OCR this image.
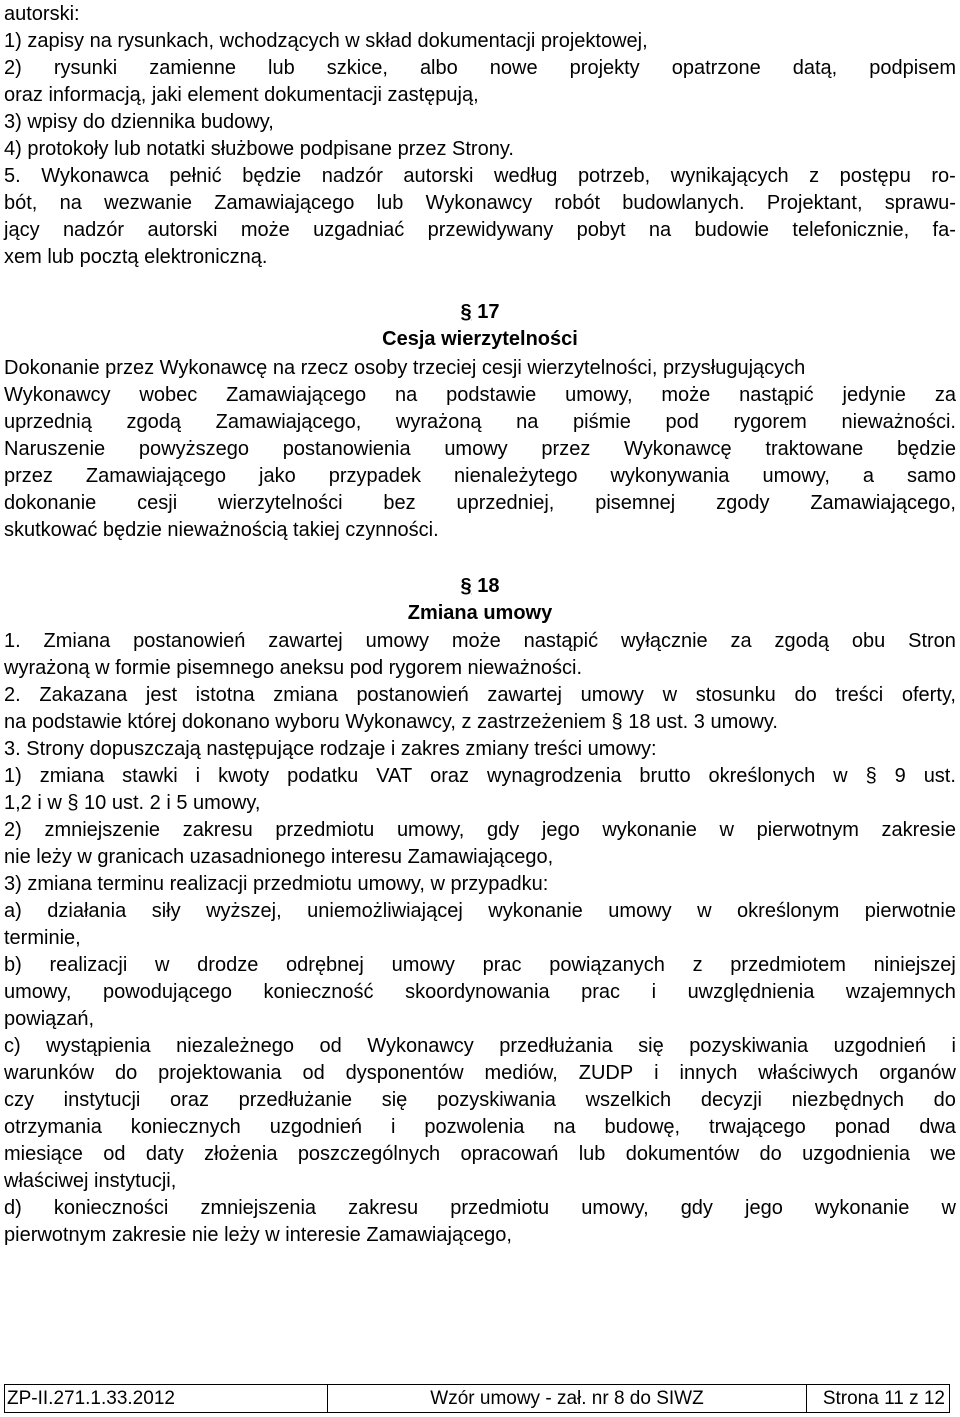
autorski:
1) zapisy na rysunkach, wchodzących w skład dokumentacji projektowej,
2) rysunki zamienne lub szkice, albo nowe projekty opatrzone datą, podpisem
oraz informacją, jaki element dokumentacji zastępują,
3) wpisy do dziennika budowy,
4) protokoły lub notatki służbowe podpisane przez Strony.
5. Wykonawca pełnić będzie nadzór autorski według potrzeb, wynikających z postępu ro-
bót, na wezwanie Zamawiającego lub Wykonawcy robót budowlanych. Projektant, sprawu-
jący nadzór autorski może uzgadniać przewidywany pobyt na budowie telefonicznie, fa-
xem lub pocztą elektroniczną.
§ 17
Cesja wierzytelności
Dokonanie przez Wykonawcę na rzecz osoby trzeciej cesji wierzytelności, przysługujących
Wykonawcy wobec Zamawiającego na podstawie umowy, może nastąpić jedynie za
uprzednią zgodą Zamawiającego, wyrażoną na piśmie pod rygorem nieważności.
Naruszenie powyższego postanowienia umowy przez Wykonawcę traktowane będzie
przez Zamawiającego jako przypadek nienależytego wykonywania umowy, a samo
dokonanie cesji wierzytelności bez uprzedniej, pisemnej zgody Zamawiającego,
skutkować będzie nieważnością takiej czynności.
§ 18
Zmiana umowy
1. Zmiana postanowień zawartej umowy może nastąpić wyłącznie za zgodą obu Stron
wyrażoną w formie pisemnego aneksu pod rygorem nieważności.
2. Zakazana jest istotna zmiana postanowień zawartej umowy w stosunku do treści oferty,
na podstawie której dokonano wyboru Wykonawcy, z zastrzeżeniem § 18 ust. 3 umowy.
3. Strony dopuszczają następujące rodzaje i zakres zmiany treści umowy:
1) zmiana stawki i kwoty podatku VAT oraz wynagrodzenia brutto określonych w § 9 ust.
1,2 i w § 10 ust. 2 i 5 umowy,
2) zmniejszenie zakresu przedmiotu umowy, gdy jego wykonanie w pierwotnym zakresie
nie leży w granicach uzasadnionego interesu Zamawiającego,
3) zmiana terminu realizacji przedmiotu umowy, w przypadku:
a) działania siły wyższej, uniemożliwiającej wykonanie umowy w określonym pierwotnie
terminie,
b) realizacji w drodze odrębnej umowy prac powiązanych z przedmiotem niniejszej
umowy, powodującego konieczność skoordynowania prac i uwzględnienia wzajemnych
powiązań,
c) wystąpienia niezależnego od Wykonawcy przedłużania się pozyskiwania uzgodnień i
warunków do projektowania od dysponentów mediów, ZUDP i innych właściwych organów
czy instytucji oraz przedłużanie się pozyskiwania wszelkich decyzji niezbędnych do
otrzymania koniecznych uzgodnień i pozwolenia na budowę, trwającego ponad dwa
miesiące od daty złożenia poszczególnych opracowań lub dokumentów do uzgodnienia we
właściwej instytucji,
d) konieczności zmniejszenia zakresu przedmiotu umowy, gdy jego wykonanie w
pierwotnym zakresie nie leży w interesie Zamawiającego,
ZP-II.271.1.33.2012	Wzór umowy - zał. nr 8 do SIWZ	Strona 11 z 12
